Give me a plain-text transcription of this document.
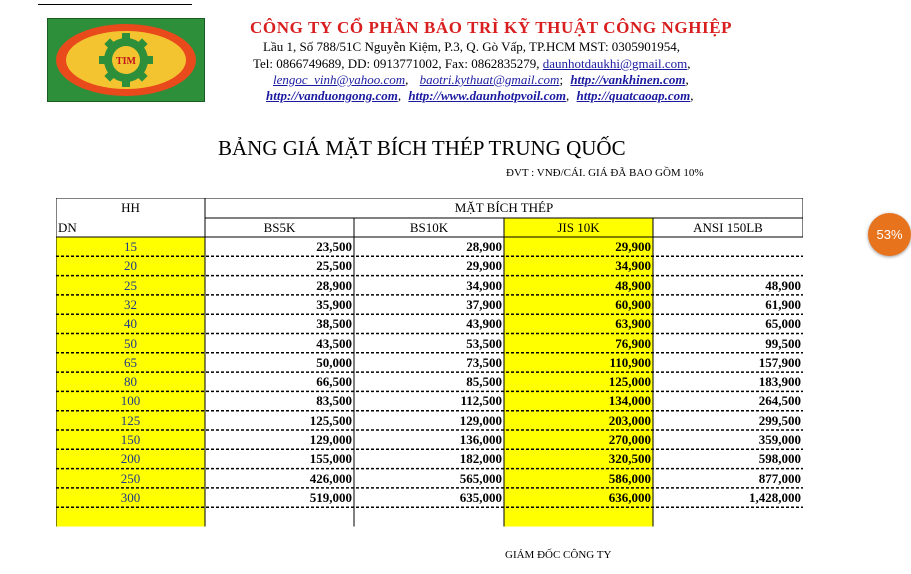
TIM
CÔNG TY CỔ PHẦN BẢO TRÌ KỸ THUẬT CÔNG NGHIỆP
Lầu 1, Số 788/51C Nguyễn Kiệm, P.3, Q. Gò Vấp, TP.HCM MST: 0305901954,
Tel: 0866749689, DD: 0913771002, Fax: 0862835279, daunhotdaukhi@gmail.com,
lengoc_vinh@yahoo.com, baotri.kythuat@gmail.com; http://vankhinen.com,
http://vanduongong.com, http://www.daunhotpvoil.com, http://quatcaoap.com,
BẢNG GIÁ MẶT BÍCH THÉP TRUNG QUỐC
ĐVT : VNĐ/CÁI. GIÁ ĐÃ BAO GỒM 10%
53%
HH
DN
MẶT BÍCH THÉP
BS5K	BS10K	JIS 10K	ANSI 150LB
15	23,500	28,900	29,900
20	25,500	29,900	34,900
25	28,900	34,900	48,900	48,900
32	35,900	37,900	60,900	61,900
40	38,500	43,900	63,900	65,000
50	43,500	53,500	76,900	99,500
65	50,000	73,500	110,900	157,900
80	66,500	85,500	125,000	183,900
100	83,500	112,500	134,000	264,500
125	125,500	129,000	203,000	299,500
150	129,000	136,000	270,000	359,000
200	155,000	182,000	320,500	598,000
250	426,000	565,000	586,000	877,000
300	519,000	635,000	636,000	1,428,000
GIÁM ĐỐC CÔNG TY
